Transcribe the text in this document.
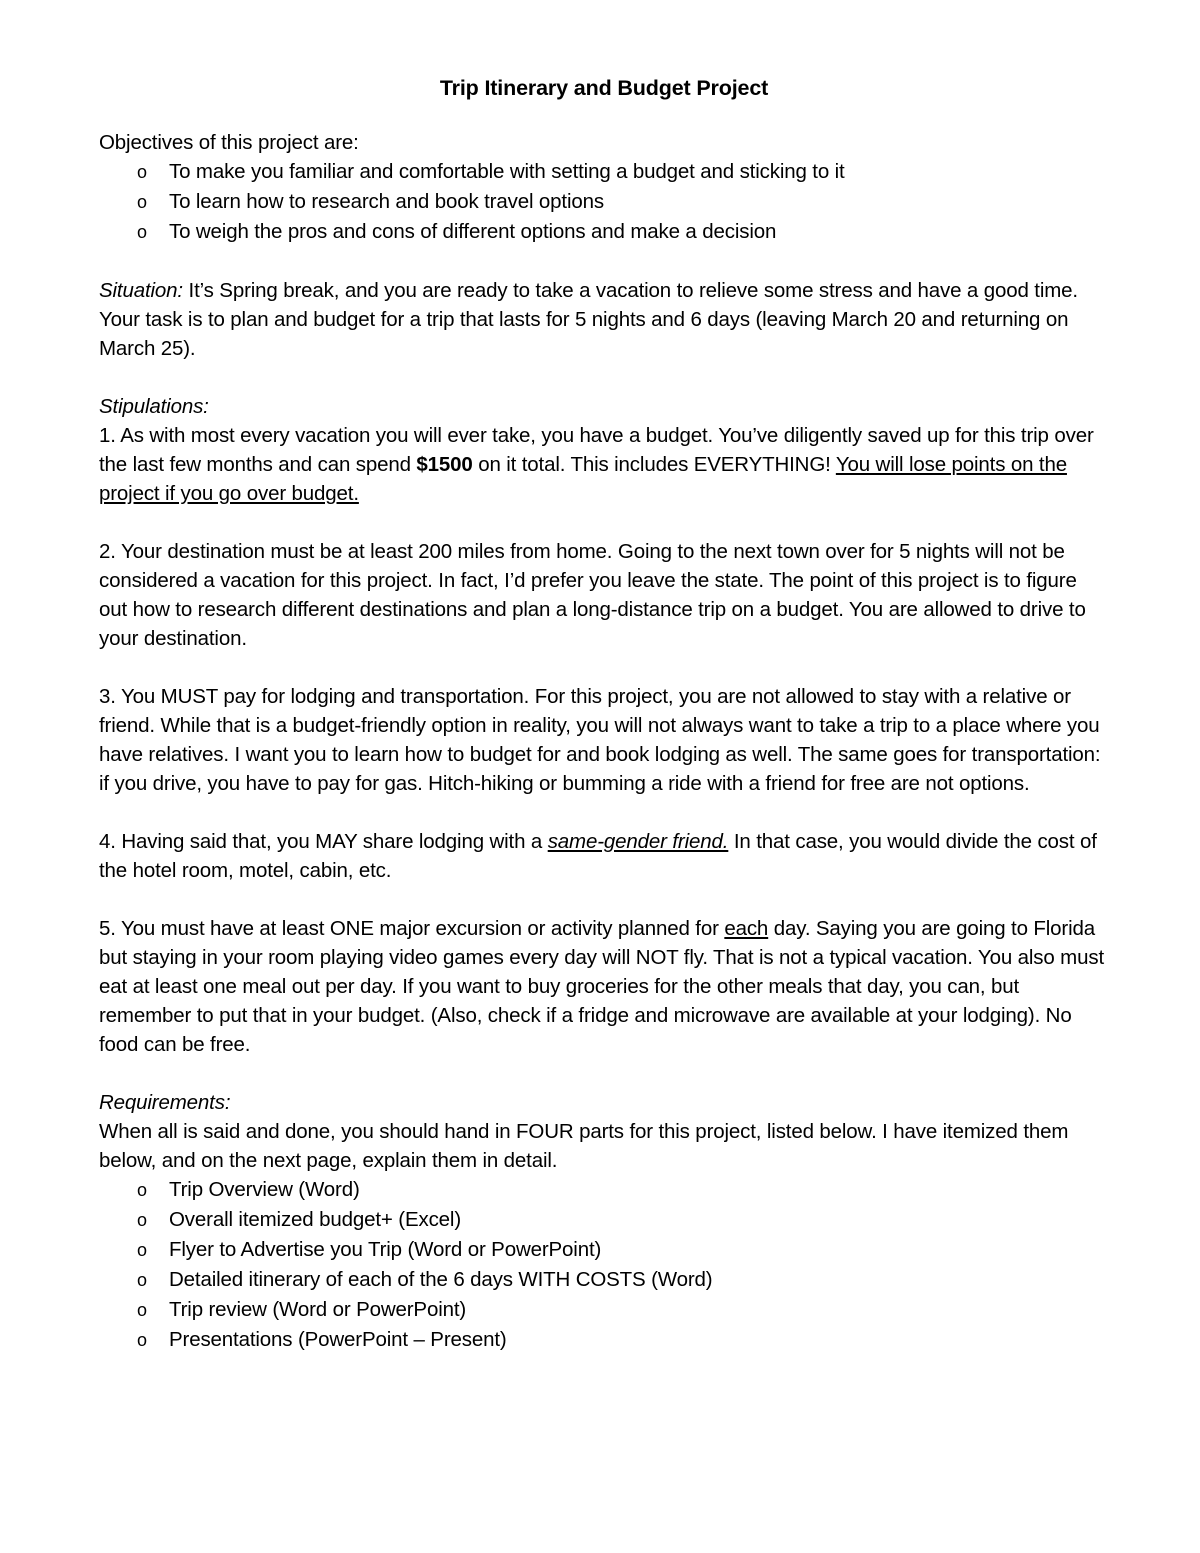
Trip Itinerary and Budget Project

Objectives of this project are:

o To make you familiar and comfortable with setting a budget and sticking to it
o To learn how to research and book travel options
o To weigh the pros and cons of different options and make a decision

Situation: It’s Spring break, and you are ready to take a vacation to relieve some stress and have a good time. Your task is to plan and budget for a trip that lasts for 5 nights and 6 days (leaving March 20 and returning on March 25).

Stipulations:

1. As with most every vacation you will ever take, you have a budget. You’ve diligently saved up for this trip over the last few months and can spend $1500 on it total. This includes EVERYTHING! You will lose points on the project if you go over budget.

2. Your destination must be at least 200 miles from home. Going to the next town over for 5 nights will not be considered a vacation for this project. In fact, I’d prefer you leave the state. The point of this project is to figure out how to research different destinations and plan a long-distance trip on a budget. You are allowed to drive to your destination.

3. You MUST pay for lodging and transportation. For this project, you are not allowed to stay with a relative or friend. While that is a budget-friendly option in reality, you will not always want to take a trip to a place where you have relatives. I want you to learn how to budget for and book lodging as well. The same goes for transportation: if you drive, you have to pay for gas. Hitch-hiking or bumming a ride with a friend for free are not options.

4. Having said that, you MAY share lodging with a same-gender friend. In that case, you would divide the cost of the hotel room, motel, cabin, etc.

5. You must have at least ONE major excursion or activity planned for each day. Saying you are going to Florida but staying in your room playing video games every day will NOT fly. That is not a typical vacation. You also must eat at least one meal out per day. If you want to buy groceries for the other meals that day, you can, but remember to put that in your budget. (Also, check if a fridge and microwave are available at your lodging). No food can be free.

Requirements:

When all is said and done, you should hand in FOUR parts for this project, listed below. I have itemized them below, and on the next page, explain them in detail.

o Trip Overview (Word)
o Overall itemized budget+ (Excel)
o Flyer to Advertise you Trip (Word or PowerPoint)
o Detailed itinerary of each of the 6 days WITH COSTS (Word)
o Trip review (Word or PowerPoint)
o Presentations (PowerPoint – Present)
